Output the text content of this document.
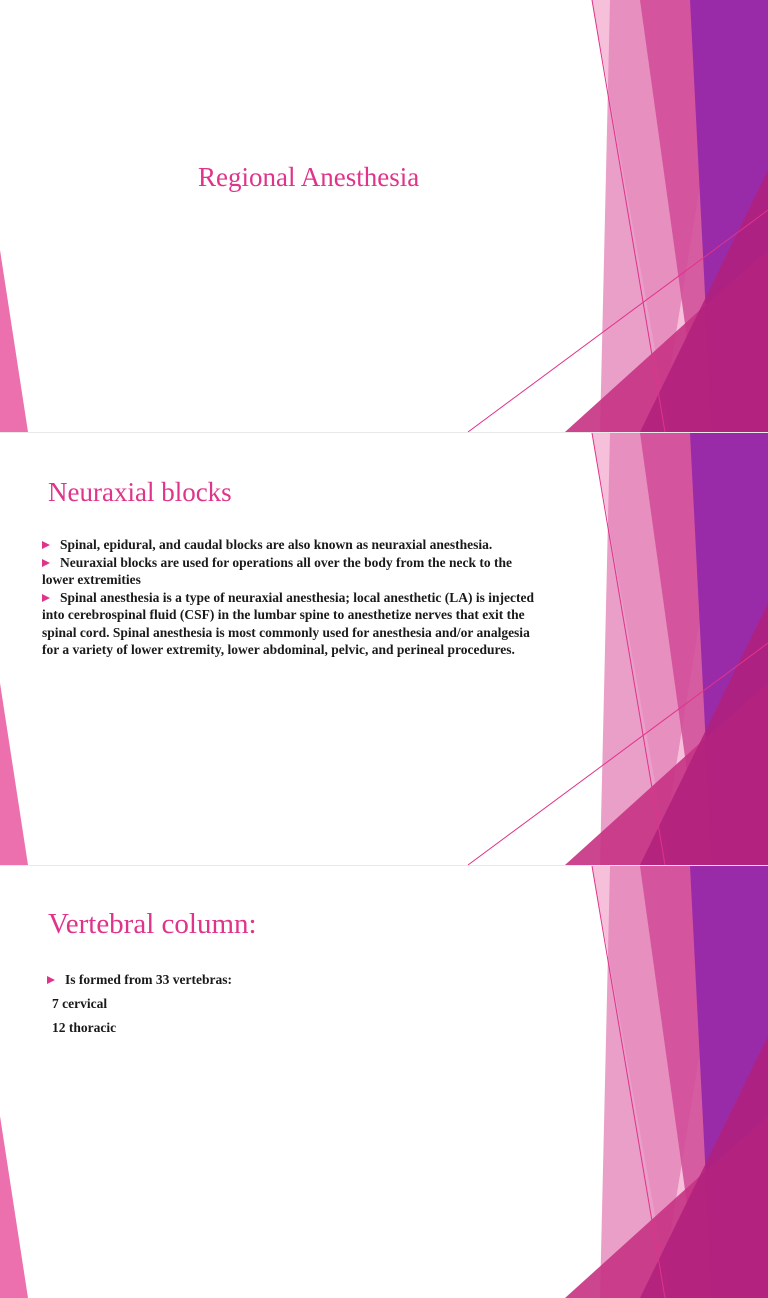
Regional Anesthesia
Neuraxial blocks
Spinal, epidural, and caudal blocks are also known as neuraxial anesthesia.
Neuraxial blocks are used for operations all over the body from the neck to the
lower extremities
Spinal anesthesia is a type of neuraxial anesthesia; local anesthetic (LA) is injected
into cerebrospinal fluid (CSF) in the lumbar spine to anesthetize nerves that exit the
spinal cord. Spinal anesthesia is most commonly used for anesthesia and/or analgesia
for a variety of lower extremity, lower abdominal, pelvic, and perineal procedures.
Vertebral column:
Is formed from 33 vertebras:
7 cervical
12 thoracic
